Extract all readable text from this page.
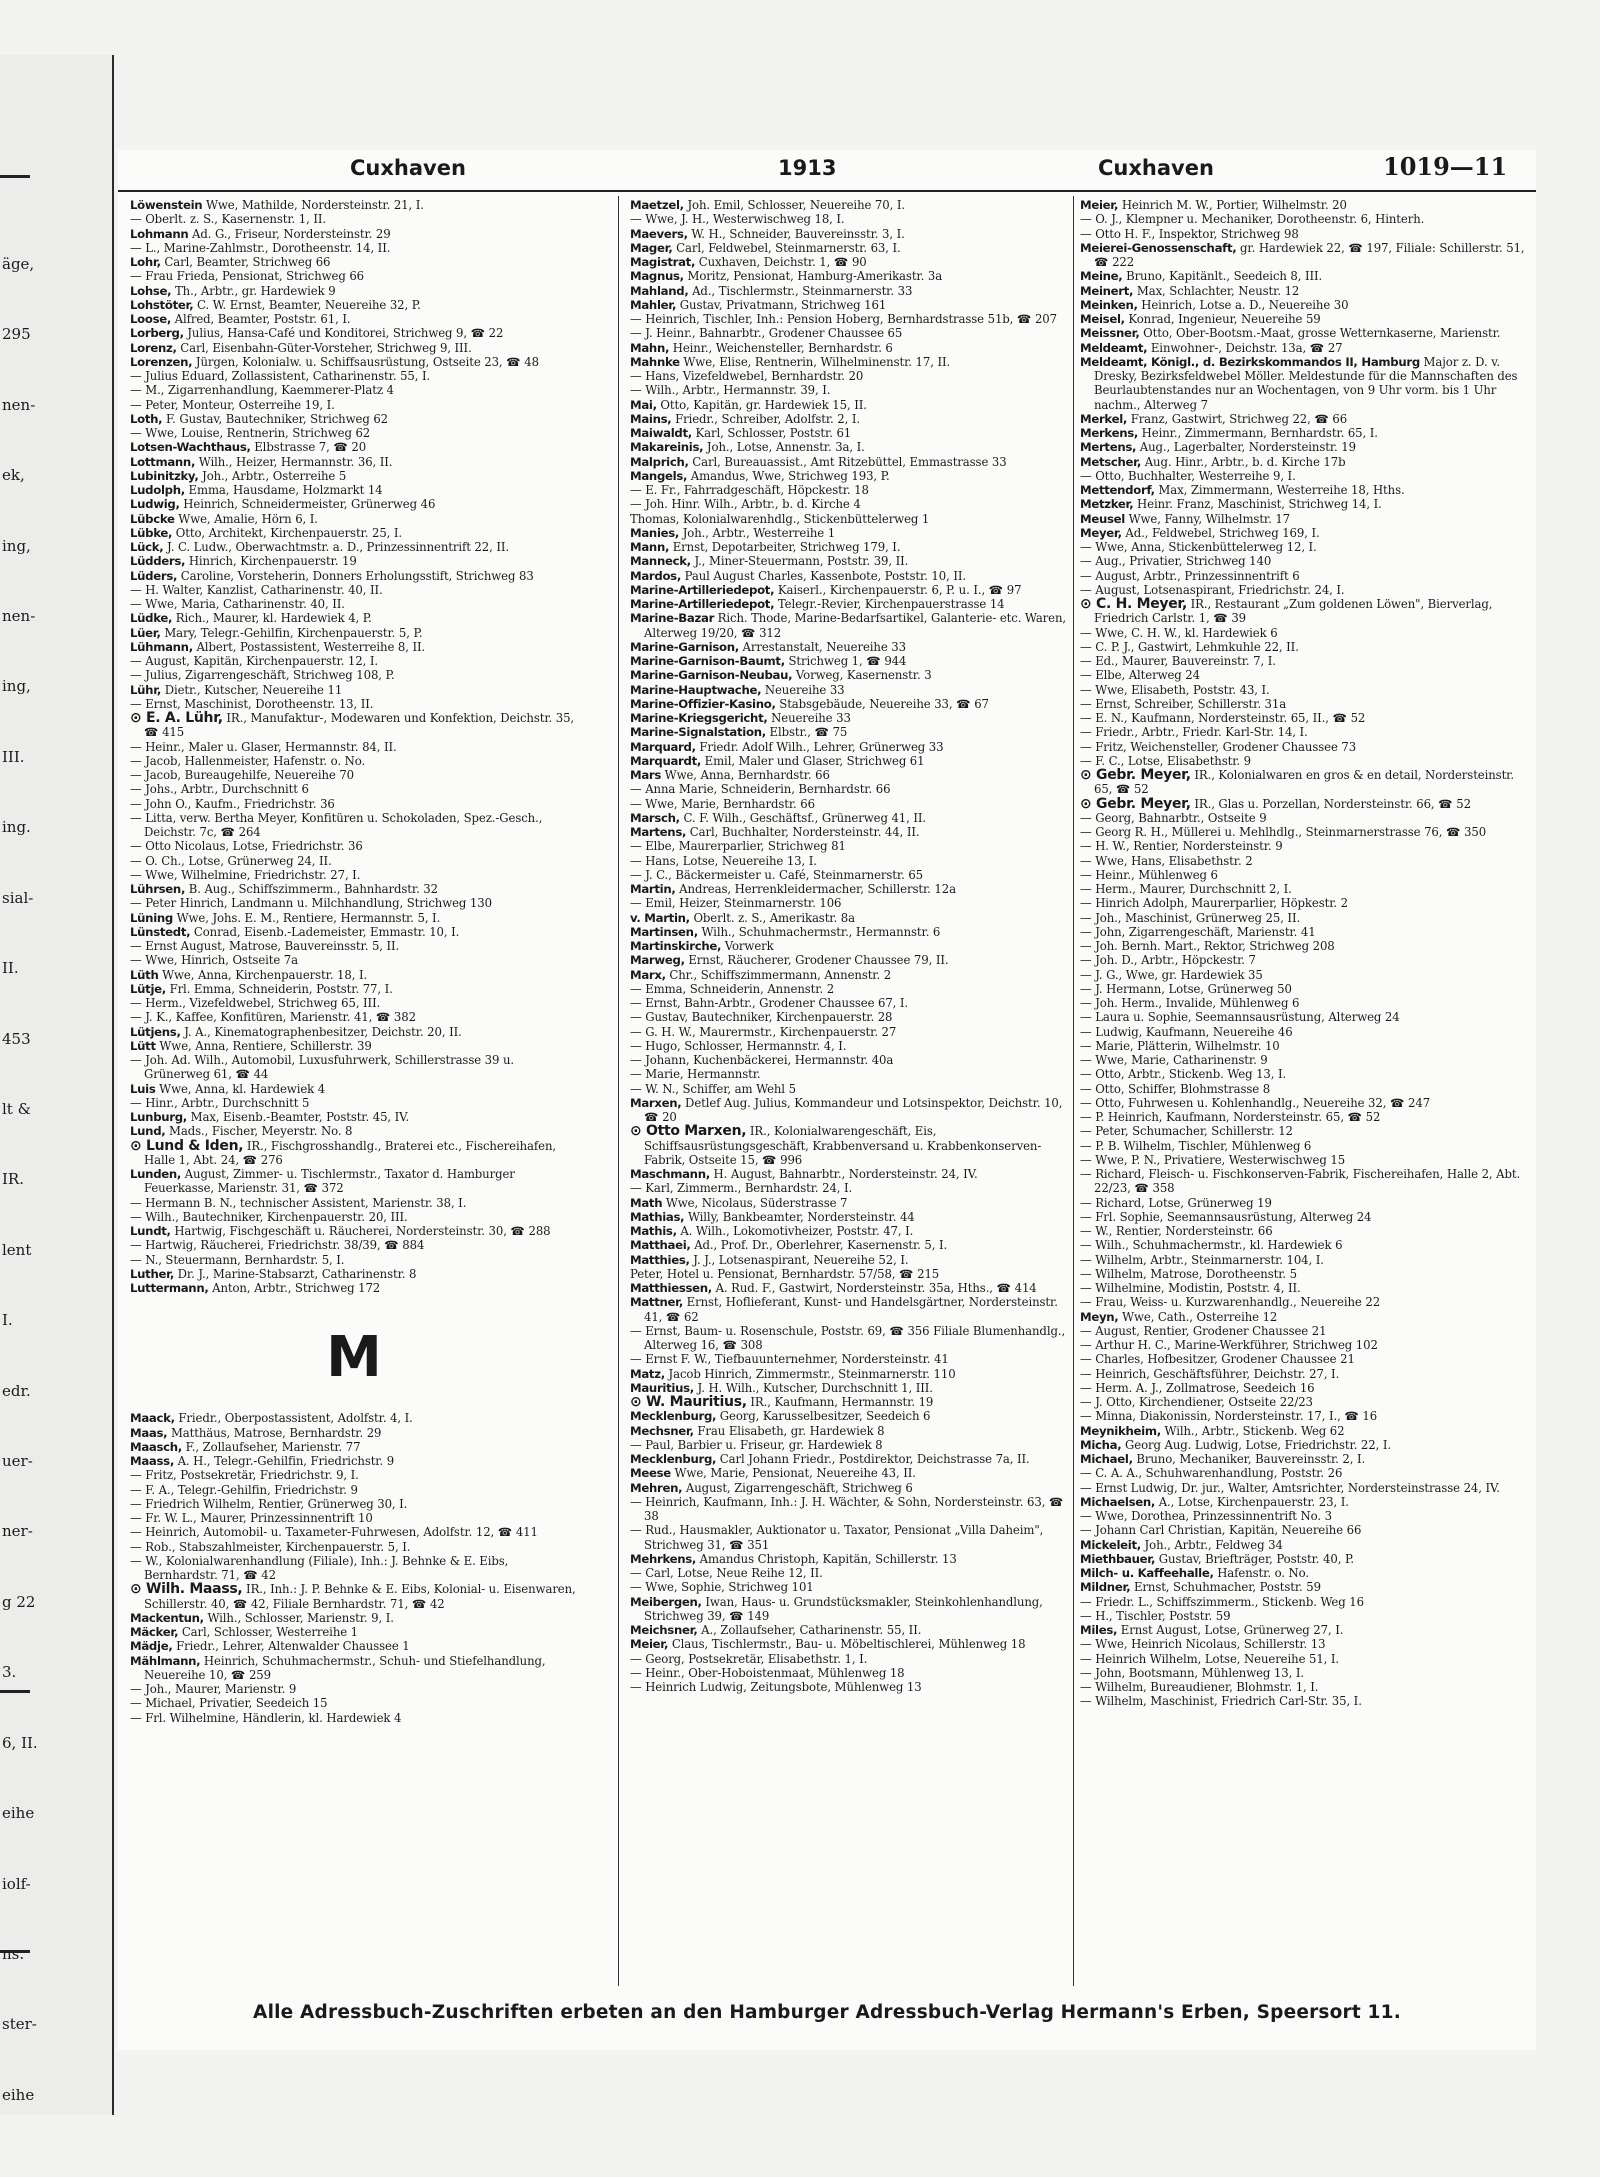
äge,
295
nen-
ek,
ing,
nen-
ing,
III.
ing.
sial-
II.
453
lt &
IR.
lent
I.
edr.
uer-
ner-
g 22
3.
6, II.
eihe
iolf-
ns.
ster-
eihe
Cuxhaven	1913	Cuxhaven	1019—11
Löwenstein Wwe, Mathilde, Nordersteinstr. 21, I.
— Oberlt. z. S., Kasernenstr. 1, II.
Lohmann Ad. G., Friseur, Nordersteinstr. 29
— L., Marine-Zahlmstr., Dorotheenstr. 14, II.
Lohr, Carl, Beamter, Strichweg 66
— Frau Frieda, Pensionat, Strichweg 66
Lohse, Th., Arbtr., gr. Hardewiek 9
Lohstöter, C. W. Ernst, Beamter, Neuereihe 32, P.
Loose, Alfred, Beamter, Poststr. 61, I.
Lorberg, Julius, Hansa-Café und Konditorei, Strichweg 9, ☎ 22
Lorenz, Carl, Eisenbahn-Güter-Vorsteher, Strichweg 9, III.
Lorenzen, Jürgen, Kolonialw. u. Schiffsausrüstung, Ostseite 23, ☎ 48
— Julius Eduard, Zollassistent, Catharinenstr. 55, I.
— M., Zigarrenhandlung, Kaemmerer-Platz 4
— Peter, Monteur, Osterreihe 19, I.
Loth, F. Gustav, Bautechniker, Strichweg 62
— Wwe, Louise, Rentnerin, Strichweg 62
Lotsen-Wachthaus, Elbstrasse 7, ☎ 20
Lottmann, Wilh., Heizer, Hermannstr. 36, II.
Lubinitzky, Joh., Arbtr., Osterreihe 5
Ludolph, Emma, Hausdame, Holzmarkt 14
Ludwig, Heinrich, Schneidermeister, Grünerweg 46
Lübcke Wwe, Amalie, Hörn 6, I.
Lübke, Otto, Architekt, Kirchenpauerstr. 25, I.
Lück, J. C. Ludw., Oberwachtmstr. a. D., Prinzessinnentrift 22, II.
Lüdders, Hinrich, Kirchenpauerstr. 19
Lüders, Caroline, Vorsteherin, Donners Erholungsstift, Strichweg 83
— H. Walter, Kanzlist, Catharinenstr. 40, II.
— Wwe, Maria, Catharinenstr. 40, II.
Lüdke, Rich., Maurer, kl. Hardewiek 4, P.
Lüer, Mary, Telegr.-Gehilfin, Kirchenpauerstr. 5, P.
Lühmann, Albert, Postassistent, Westerreihe 8, II.
— August, Kapitän, Kirchenpauerstr. 12, I.
— Julius, Zigarrengeschäft, Strichweg 108, P.
Lühr, Dietr., Kutscher, Neuereihe 11
— Ernst, Maschinist, Dorotheenstr. 13, II.
⊙ E. A. Lühr, IR., Manufaktur-, Modewaren und Konfektion, Deichstr. 35, ☎ 415
— Heinr., Maler u. Glaser, Hermannstr. 84, II.
— Jacob, Hallenmeister, Hafenstr. o. No.
— Jacob, Bureaugehilfe, Neuereihe 70
— Johs., Arbtr., Durchschnitt 6
— John O., Kaufm., Friedrichstr. 36
— Litta, verw. Bertha Meyer, Konfitüren u. Schokoladen, Spez.-Gesch., Deichstr. 7c, ☎ 264
— Otto Nicolaus, Lotse, Friedrichstr. 36
— O. Ch., Lotse, Grünerweg 24, II.
— Wwe, Wilhelmine, Friedrichstr. 27, I.
Lührsen, B. Aug., Schiffszimmerm., Bahnhardstr. 32
— Peter Hinrich, Landmann u. Milchhandlung, Strichweg 130
Lüning Wwe, Johs. E. M., Rentiere, Hermannstr. 5, I.
Lünstedt, Conrad, Eisenb.-Lademeister, Emmastr. 10, I.
— Ernst August, Matrose, Bauvereinsstr. 5, II.
— Wwe, Hinrich, Ostseite 7a
Lüth Wwe, Anna, Kirchenpauerstr. 18, I.
Lütje, Frl. Emma, Schneiderin, Poststr. 77, I.
— Herm., Vizefeldwebel, Strichweg 65, III.
— J. K., Kaffee, Konfitüren, Marienstr. 41, ☎ 382
Lütjens, J. A., Kinematographenbesitzer, Deichstr. 20, II.
Lütt Wwe, Anna, Rentiere, Schillerstr. 39
— Joh. Ad. Wilh., Automobil, Luxusfuhrwerk, Schillerstrasse 39 u. Grünerweg 61, ☎ 44
Luis Wwe, Anna, kl. Hardewiek 4
— Hinr., Arbtr., Durchschnitt 5
Lunburg, Max, Eisenb.-Beamter, Poststr. 45, IV.
Lund, Mads., Fischer, Meyerstr. No. 8
⊙ Lund & Iden, IR., Fischgrosshandlg., Braterei etc., Fischereihafen, Halle 1, Abt. 24, ☎ 276
Lunden, August, Zimmer- u. Tischlermstr., Taxator d. Hamburger Feuerkasse, Marienstr. 31, ☎ 372
— Hermann B. N., technischer Assistent, Marienstr. 38, I.
— Wilh., Bautechniker, Kirchenpauerstr. 20, III.
Lundt, Hartwig, Fischgeschäft u. Räucherei, Nordersteinstr. 30, ☎ 288
— Hartwig, Räucherei, Friedrichstr. 38/39, ☎ 884
— N., Steuermann, Bernhardstr. 5, I.
Luther, Dr. J., Marine-Stabsarzt, Catharinenstr. 8
Luttermann, Anton, Arbtr., Strichweg 172
M
Maack, Friedr., Oberpostassistent, Adolfstr. 4, I.
Maas, Matthäus, Matrose, Bernhardstr. 29
Maasch, F., Zollaufseher, Marienstr. 77
Maass, A. H., Telegr.-Gehilfin, Friedrichstr. 9
— Fritz, Postsekretär, Friedrichstr. 9, I.
— F. A., Telegr.-Gehilfin, Friedrichstr. 9
— Friedrich Wilhelm, Rentier, Grünerweg 30, I.
— Fr. W. L., Maurer, Prinzessinnentrift 10
— Heinrich, Automobil- u. Taxameter-Fuhrwesen, Adolfstr. 12, ☎ 411
— Rob., Stabszahlmeister, Kirchenpauerstr. 5, I.
— W., Kolonialwarenhandlung (Filiale), Inh.: J. Behnke & E. Eibs, Bernhardstr. 71, ☎ 42
⊙ Wilh. Maass, IR., Inh.: J. P. Behnke & E. Eibs, Kolonial- u. Eisenwaren, Schillerstr. 40, ☎ 42, Filiale Bernhardstr. 71, ☎ 42
Mackentun, Wilh., Schlosser, Marienstr. 9, I.
Mäcker, Carl, Schlosser, Westerreihe 1
Mädje, Friedr., Lehrer, Altenwalder Chaussee 1
Mählmann, Heinrich, Schuhmachermstr., Schuh- und Stiefelhandlung, Neuereihe 10, ☎ 259
— Joh., Maurer, Marienstr. 9
— Michael, Privatier, Seedeich 15
— Frl. Wilhelmine, Händlerin, kl. Hardewiek 4
Maetzel, Joh. Emil, Schlosser, Neuereihe 70, I.
— Wwe, J. H., Westerwischweg 18, I.
Maevers, W. H., Schneider, Bauvereinsstr. 3, I.
Mager, Carl, Feldwebel, Steinmarnerstr. 63, I.
Magistrat, Cuxhaven, Deichstr. 1, ☎ 90
Magnus, Moritz, Pensionat, Hamburg-Amerikastr. 3a
Mahland, Ad., Tischlermstr., Steinmarnerstr. 33
Mahler, Gustav, Privatmann, Strichweg 161
— Heinrich, Tischler, Inh.: Pension Hoberg, Bernhardstrasse 51b, ☎ 207
— J. Heinr., Bahnarbtr., Grodener Chaussee 65
Mahn, Heinr., Weichensteller, Bernhardstr. 6
Mahnke Wwe, Elise, Rentnerin, Wilhelminenstr. 17, II.
— Hans, Vizefeldwebel, Bernhardstr. 20
— Wilh., Arbtr., Hermannstr. 39, I.
Mai, Otto, Kapitän, gr. Hardewiek 15, II.
Mains, Friedr., Schreiber, Adolfstr. 2, I.
Maiwaldt, Karl, Schlosser, Poststr. 61
Makareinis, Joh., Lotse, Annenstr. 3a, I.
Malprich, Carl, Bureauassist., Amt Ritzebüttel, Emmastrasse 33
Mangels, Amandus, Wwe, Strichweg 193, P.
— E. Fr., Fahrradgeschäft, Höpckestr. 18
— Joh. Hinr. Wilh., Arbtr., b. d. Kirche 4
Thomas, Kolonialwarenhdlg., Stickenbüttelerweg 1
Manies, Joh., Arbtr., Westerreihe 1
Mann, Ernst, Depotarbeiter, Strichweg 179, I.
Manneck, J., Miner-Steuermann, Poststr. 39, II.
Mardos, Paul August Charles, Kassenbote, Poststr. 10, II.
Marine-Artilleriedepot, Kaiserl., Kirchenpauerstr. 6, P. u. I., ☎ 97
Marine-Artilleriedepot, Telegr.-Revier, Kirchenpauerstrasse 14
Marine-Bazar Rich. Thode, Marine-Bedarfsartikel, Galanterie- etc. Waren, Alterweg 19/20, ☎ 312
Marine-Garnison, Arrestanstalt, Neuereihe 33
Marine-Garnison-Baumt, Strichweg 1, ☎ 944
Marine-Garnison-Neubau, Vorweg, Kasernenstr. 3
Marine-Hauptwache, Neuereihe 33
Marine-Offizier-Kasino, Stabsgebäude, Neuereihe 33, ☎ 67
Marine-Kriegsgericht, Neuereihe 33
Marine-Signalstation, Elbstr., ☎ 75
Marquard, Friedr. Adolf Wilh., Lehrer, Grünerweg 33
Marquardt, Emil, Maler und Glaser, Strichweg 61
Mars Wwe, Anna, Bernhardstr. 66
— Anna Marie, Schneiderin, Bernhardstr. 66
— Wwe, Marie, Bernhardstr. 66
Marsch, C. F. Wilh., Geschäftsf., Grünerweg 41, II.
Martens, Carl, Buchhalter, Nordersteinstr. 44, II.
— Elbe, Maurerparlier, Strichweg 81
— Hans, Lotse, Neuereihe 13, I.
— J. C., Bäckermeister u. Café, Steinmarnerstr. 65
Martin, Andreas, Herrenkleidermacher, Schillerstr. 12a
— Emil, Heizer, Steinmarnerstr. 106
v. Martin, Oberlt. z. S., Amerikastr. 8a
Martinsen, Wilh., Schuhmachermstr., Hermannstr. 6
Martinskirche, Vorwerk
Marweg, Ernst, Räucherer, Grodener Chaussee 79, II.
Marx, Chr., Schiffszimmermann, Annenstr. 2
— Emma, Schneiderin, Annenstr. 2
— Ernst, Bahn-Arbtr., Grodener Chaussee 67, I.
— Gustav, Bautechniker, Kirchenpauerstr. 28
— G. H. W., Maurermstr., Kirchenpauerstr. 27
— Hugo, Schlosser, Hermannstr. 4, I.
— Johann, Kuchenbäckerei, Hermannstr. 40a
— Marie, Hermannstr.
— W. N., Schiffer, am Wehl 5
Marxen, Detlef Aug. Julius, Kommandeur und Lotsinspektor, Deichstr. 10, ☎ 20
⊙ Otto Marxen, IR., Kolonialwarengeschäft, Eis, Schiffsausrüstungsgeschäft, Krabbenversand u. Krabbenkonserven-Fabrik, Ostseite 15, ☎ 996
Maschmann, H. August, Bahnarbtr., Nordersteinstr. 24, IV.
— Karl, Zimmerm., Bernhardstr. 24, I.
Math Wwe, Nicolaus, Süderstrasse 7
Mathias, Willy, Bankbeamter, Nordersteinstr. 44
Mathis, A. Wilh., Lokomotivheizer, Poststr. 47, I.
Matthaei, Ad., Prof. Dr., Oberlehrer, Kasernenstr. 5, I.
Matthies, J. J., Lotsenaspirant, Neuereihe 52, I.
Peter, Hotel u. Pensionat, Bernhardstr. 57/58, ☎ 215
Matthiessen, A. Rud. F., Gastwirt, Nordersteinstr. 35a, Hths., ☎ 414
Mattner, Ernst, Hoflieferant, Kunst- und Handelsgärtner, Nordersteinstr. 41, ☎ 62
— Ernst, Baum- u. Rosenschule, Poststr. 69, ☎ 356 Filiale Blumenhandlg., Alterweg 16, ☎ 308
— Ernst F. W., Tiefbauunternehmer, Nordersteinstr. 41
Matz, Jacob Hinrich, Zimmermstr., Steinmarnerstr. 110
Mauritius, J. H. Wilh., Kutscher, Durchschnitt 1, III.
⊙ W. Mauritius, IR., Kaufmann, Hermannstr. 19
Mecklenburg, Georg, Karusselbesitzer, Seedeich 6
Mechsner, Frau Elisabeth, gr. Hardewiek 8
— Paul, Barbier u. Friseur, gr. Hardewiek 8
Mecklenburg, Carl Johann Friedr., Postdirektor, Deichstrasse 7a, II.
Meese Wwe, Marie, Pensionat, Neuereihe 43, II.
Mehren, August, Zigarrengeschäft, Strichweg 6
— Heinrich, Kaufmann, Inh.: J. H. Wächter, & Sohn, Nordersteinstr. 63, ☎ 38
— Rud., Hausmakler, Auktionator u. Taxator, Pensionat „Villa Daheim", Strichweg 31, ☎ 351
Mehrkens, Amandus Christoph, Kapitän, Schillerstr. 13
— Carl, Lotse, Neue Reihe 12, II.
— Wwe, Sophie, Strichweg 101
Meibergen, Iwan, Haus- u. Grundstücksmakler, Steinkohlenhandlung, Strichweg 39, ☎ 149
Meichsner, A., Zollaufseher, Catharinenstr. 55, II.
Meier, Claus, Tischlermstr., Bau- u. Möbeltischlerei, Mühlenweg 18
— Georg, Postsekretär, Elisabethstr. 1, I.
— Heinr., Ober-Hoboistenmaat, Mühlenweg 18
— Heinrich Ludwig, Zeitungsbote, Mühlenweg 13
Meier, Heinrich M. W., Portier, Wilhelmstr. 20
— O. J., Klempner u. Mechaniker, Dorotheenstr. 6, Hinterh.
— Otto H. F., Inspektor, Strichweg 98
Meierei-Genossenschaft, gr. Hardewiek 22, ☎ 197, Filiale: Schillerstr. 51, ☎ 222
Meine, Bruno, Kapitänlt., Seedeich 8, III.
Meinert, Max, Schlachter, Neustr. 12
Meinken, Heinrich, Lotse a. D., Neuereihe 30
Meisel, Konrad, Ingenieur, Neuereihe 59
Meissner, Otto, Ober-Bootsm.-Maat, grosse Wetternkaserne, Marienstr.
Meldeamt, Einwohner-, Deichstr. 13a, ☎ 27
Meldeamt, Königl., d. Bezirkskommandos II, Hamburg Major z. D. v. Dresky, Bezirksfeldwebel Möller. Meldestunde für die Mannschaften des Beurlaubtenstandes nur an Wochentagen, von 9 Uhr vorm. bis 1 Uhr nachm., Alterweg 7
Merkel, Franz, Gastwirt, Strichweg 22, ☎ 66
Merkens, Heinr., Zimmermann, Bernhardstr. 65, I.
Mertens, Aug., Lagerbalter, Nordersteinstr. 19
Metscher, Aug. Hinr., Arbtr., b. d. Kirche 17b
— Otto, Buchhalter, Westerreihe 9, I.
Mettendorf, Max, Zimmermann, Westerreihe 18, Hths.
Metzker, Heinr. Franz, Maschinist, Strichweg 14, I.
Meusel Wwe, Fanny, Wilhelmstr. 17
Meyer, Ad., Feldwebel, Strichweg 169, I.
— Wwe, Anna, Stickenbüttelerweg 12, I.
— Aug., Privatier, Strichweg 140
— August, Arbtr., Prinzessinnentrift 6
— August, Lotsenaspirant, Friedrichstr. 24, I.
⊙ C. H. Meyer, IR., Restaurant „Zum goldenen Löwen", Bierverlag, Friedrich Carlstr. 1, ☎ 39
— Wwe, C. H. W., kl. Hardewiek 6
— C. P. J., Gastwirt, Lehmkuhle 22, II.
— Ed., Maurer, Bauvereinstr. 7, I.
— Elbe, Alterweg 24
— Wwe, Elisabeth, Poststr. 43, I.
— Ernst, Schreiber, Schillerstr. 31a
— E. N., Kaufmann, Nordersteinstr. 65, II., ☎ 52
— Friedr., Arbtr., Friedr. Karl-Str. 14, I.
— Fritz, Weichensteller, Grodener Chaussee 73
— F. C., Lotse, Elisabethstr. 9
⊙ Gebr. Meyer, IR., Kolonialwaren en gros & en detail, Nordersteinstr. 65, ☎ 52
⊙ Gebr. Meyer, IR., Glas u. Porzellan, Nordersteinstr. 66, ☎ 52
— Georg, Bahnarbtr., Ostseite 9
— Georg R. H., Müllerei u. Mehlhdlg., Steinmarnerstrasse 76, ☎ 350
— H. W., Rentier, Nordersteinstr. 9
— Wwe, Hans, Elisabethstr. 2
— Heinr., Mühlenweg 6
— Herm., Maurer, Durchschnitt 2, I.
— Hinrich Adolph, Maurerparlier, Höpkestr. 2
— Joh., Maschinist, Grünerweg 25, II.
— John, Zigarrengeschäft, Marienstr. 41
— Joh. Bernh. Mart., Rektor, Strichweg 208
— Joh. D., Arbtr., Höpckestr. 7
— J. G., Wwe, gr. Hardewiek 35
— J. Hermann, Lotse, Grünerweg 50
— Joh. Herm., Invalide, Mühlenweg 6
— Laura u. Sophie, Seemannsausrüstung, Alterweg 24
— Ludwig, Kaufmann, Neuereihe 46
— Marie, Plätterin, Wilhelmstr. 10
— Wwe, Marie, Catharinenstr. 9
— Otto, Arbtr., Stickenb. Weg 13, I.
— Otto, Schiffer, Blohmstrasse 8
— Otto, Fuhrwesen u. Kohlenhandlg., Neuereihe 32, ☎ 247
— P. Heinrich, Kaufmann, Nordersteinstr. 65, ☎ 52
— Peter, Schumacher, Schillerstr. 12
— P. B. Wilhelm, Tischler, Mühlenweg 6
— Wwe, P. N., Privatiere, Westerwischweg 15
— Richard, Fleisch- u. Fischkonserven-Fabrik, Fischereihafen, Halle 2, Abt. 22/23, ☎ 358
— Richard, Lotse, Grünerweg 19
— Frl. Sophie, Seemannsausrüstung, Alterweg 24
— W., Rentier, Nordersteinstr. 66
— Wilh., Schuhmachermstr., kl. Hardewiek 6
— Wilhelm, Arbtr., Steinmarnerstr. 104, I.
— Wilhelm, Matrose, Dorotheenstr. 5
— Wilhelmine, Modistin, Poststr. 4, II.
— Frau, Weiss- u. Kurzwarenhandlg., Neuereihe 22
Meyn, Wwe, Cath., Osterreihe 12
— August, Rentier, Grodener Chaussee 21
— Arthur H. C., Marine-Werkführer, Strichweg 102
— Charles, Hofbesitzer, Grodener Chaussee 21
— Heinrich, Geschäftsführer, Deichstr. 27, I.
— Herm. A. J., Zollmatrose, Seedeich 16
— J. Otto, Kirchendiener, Ostseite 22/23
— Minna, Diakonissin, Nordersteinstr. 17, I., ☎ 16
Meynikheim, Wilh., Arbtr., Stickenb. Weg 62
Micha, Georg Aug. Ludwig, Lotse, Friedrichstr. 22, I.
Michael, Bruno, Mechaniker, Bauvereinsstr. 2, I.
— C. A. A., Schuhwarenhandlung, Poststr. 26
— Ernst Ludwig, Dr. jur., Walter, Amtsrichter, Nordersteinstrasse 24, IV.
Michaelsen, A., Lotse, Kirchenpauerstr. 23, I.
— Wwe, Dorothea, Prinzessinnentrift No. 3
— Johann Carl Christian, Kapitän, Neuereihe 66
Mickeleit, Joh., Arbtr., Feldweg 34
Miethbauer, Gustav, Briefträger, Poststr. 40, P.
Milch- u. Kaffeehalle, Hafenstr. o. No.
Mildner, Ernst, Schuhmacher, Poststr. 59
— Friedr. L., Schiffszimmerm., Stickenb. Weg 16
— H., Tischler, Poststr. 59
Miles, Ernst August, Lotse, Grünerweg 27, I.
— Wwe, Heinrich Nicolaus, Schillerstr. 13
— Heinrich Wilhelm, Lotse, Neuereihe 51, I.
— John, Bootsmann, Mühlenweg 13, I.
— Wilhelm, Bureaudiener, Blohmstr. 1, I.
— Wilhelm, Maschinist, Friedrich Carl-Str. 35, I.
Alle Adressbuch-Zuschriften erbeten an den Hamburger Adressbuch-Verlag Hermann's Erben, Speersort 11.
